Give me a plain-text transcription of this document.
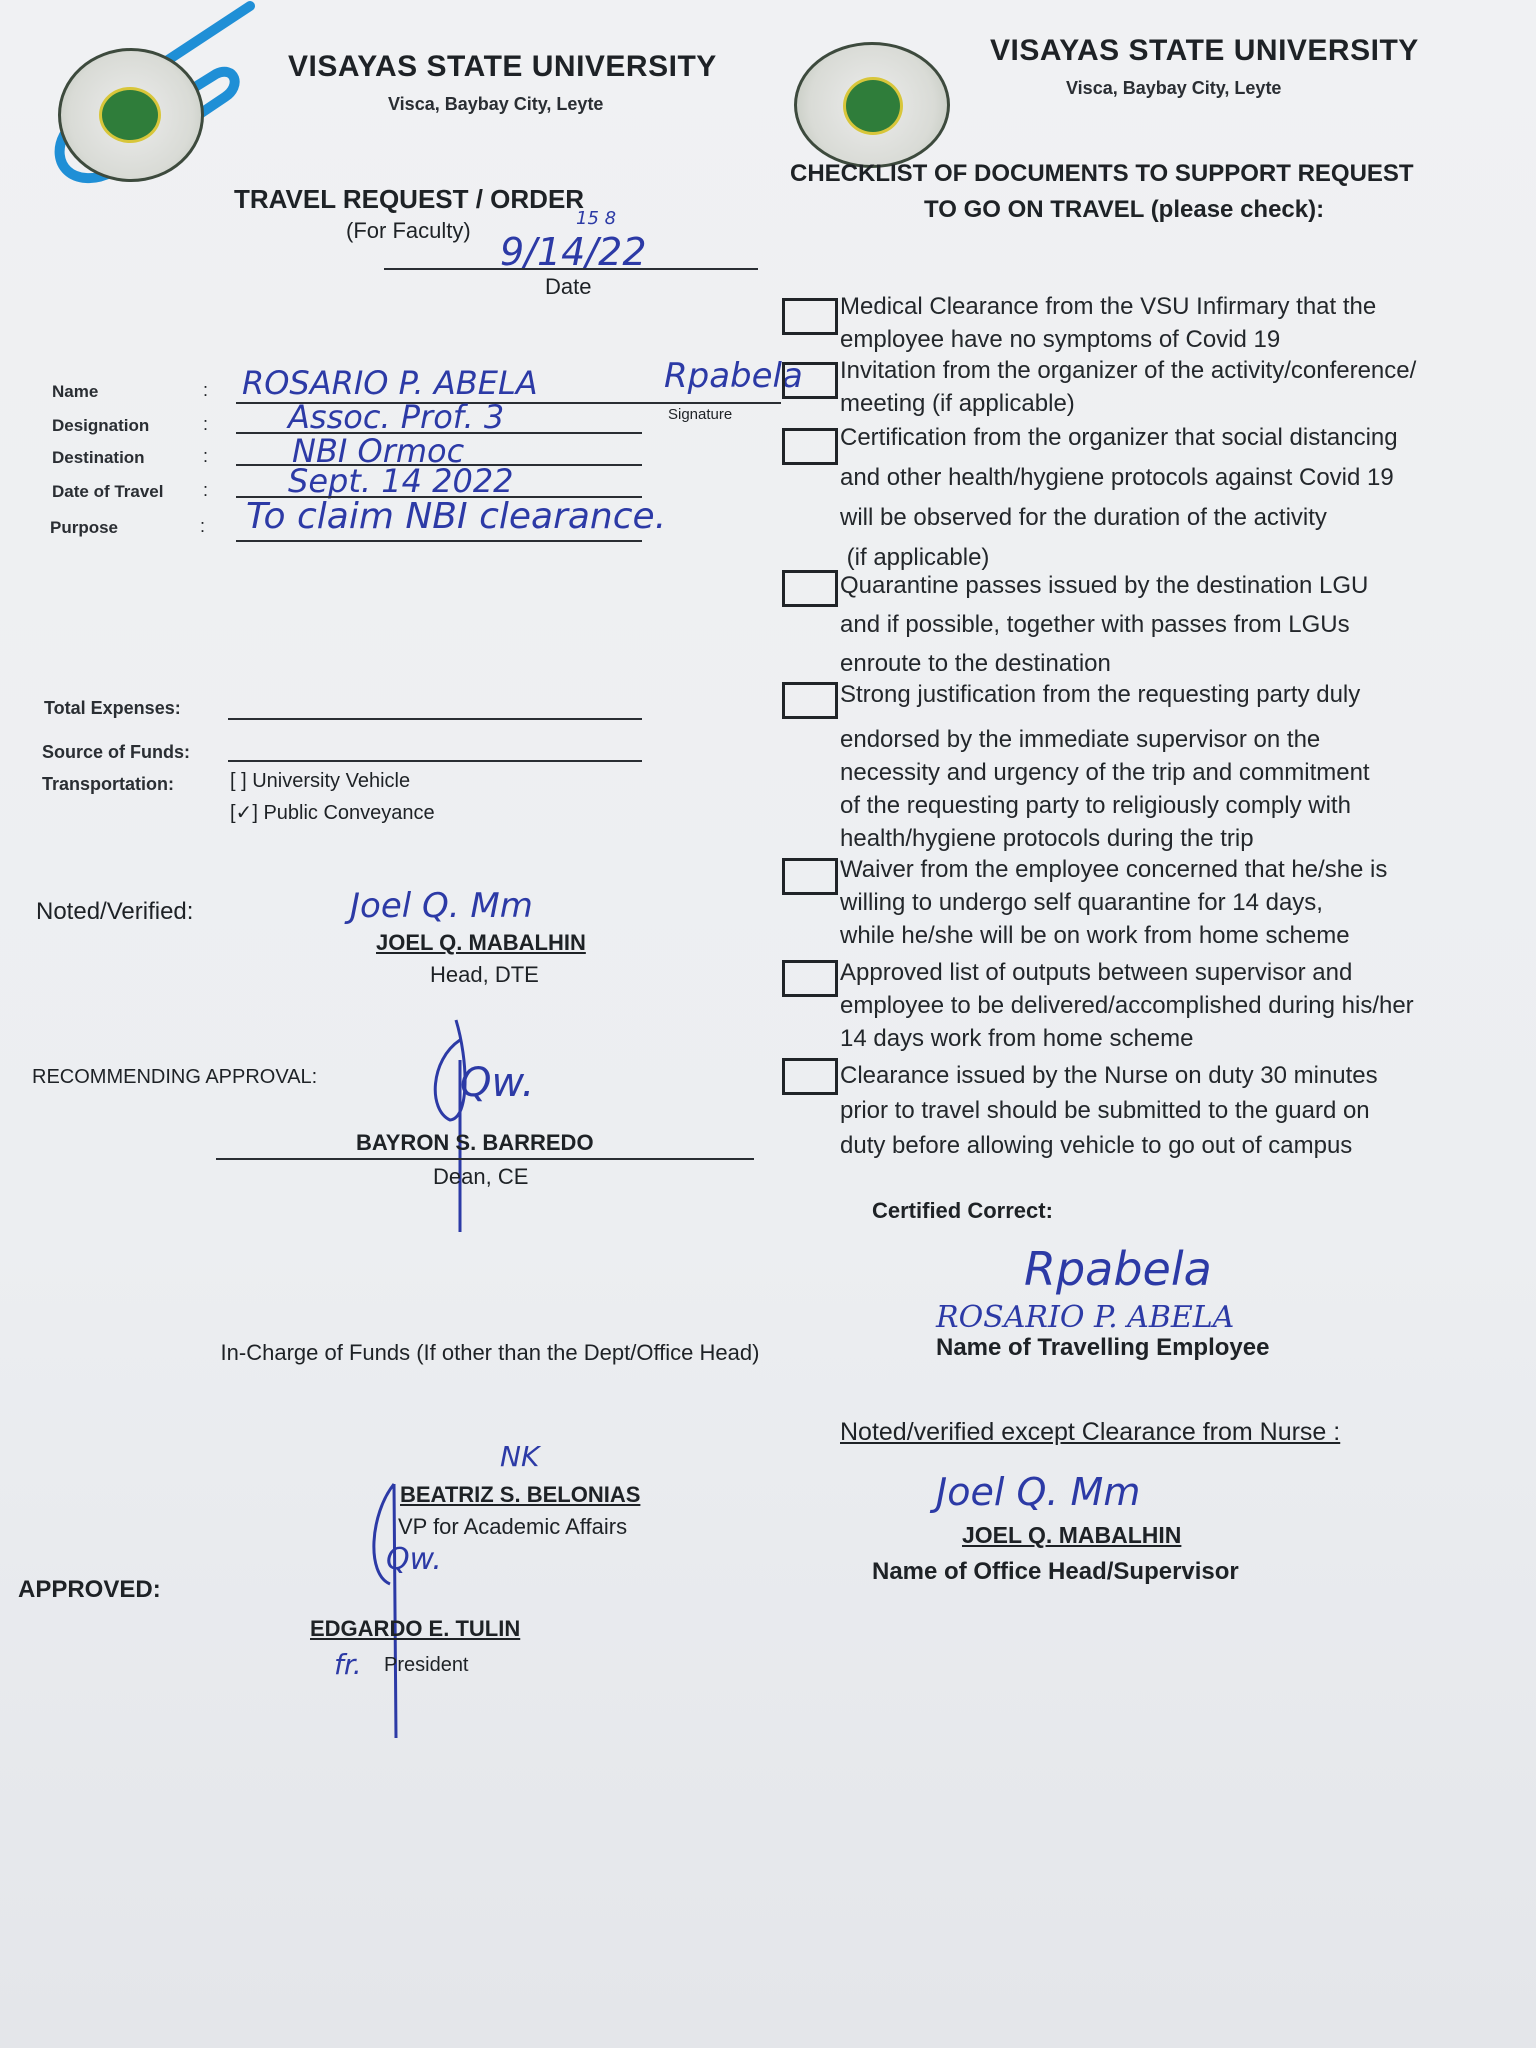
VISAYAS STATE UNIVERSITY
Visca, Baybay City, Leyte
TRAVEL REQUEST / ORDER
(For Faculty) 9/14/22
15 8
Date
Name	: ROSARIO P. ABELA	Rpabela
Signature
Designation	: Assoc. Prof. 3
Destination	:	NBI Ormoc
Date of Travel : Sept. 14 2022
Purpose	: To claim NBI clearance.
Total Expenses:
Source of Funds:
Transportation:	[ ] University Vehicle
[✓] Public Conveyance
Noted/Verified:	Joel Q. Mm
JOEL Q. MABALHIN
Head, DTE
RECOMMENDING APPROVAL:	Qw.
BAYRON S. BARREDO
Dean, CE
In-Charge of Funds (If other than the Dept/Office Head)
NK
BEATRIZ S. BELONIAS
VP for Academic Affairs
Qw.
APPROVED:
EDGARDO E. TULIN
fr. President
VISAYAS STATE UNIVERSITY
Visca, Baybay City, Leyte
CHECKLIST OF DOCUMENTS TO SUPPORT REQUEST
TO GO ON TRAVEL (please check):
Medical Clearance from the VSU Infirmary that the
employee have no symptoms of Covid 19
Invitation from the organizer of the activity/conference/
meeting (if applicable)
Certification from the organizer that social distancing
and other health/hygiene protocols against Covid 19
will be observed for the duration of the activity
(if applicable)
Quarantine passes issued by the destination LGU
and if possible, together with passes from LGUs
enroute to the destination
Strong justification from the requesting party duly
endorsed by the immediate supervisor on the
necessity and urgency of the trip and commitment
of the requesting party to religiously comply with
health/hygiene protocols during the trip
Waiver from the employee concerned that he/she is
willing to undergo self quarantine for 14 days,
while he/she will be on work from home scheme
Approved list of outputs between supervisor and
employee to be delivered/accomplished during his/her
14 days work from home scheme
Clearance issued by the Nurse on duty 30 minutes
prior to travel should be submitted to the guard on
duty before allowing vehicle to go out of campus
Certified Correct:
Rpabela
ROSARIO P. ABELA
Name of Travelling Employee
Noted/verified except Clearance from Nurse :
Joel Q. Mm
JOEL Q. MABALHIN
Name of Office Head/Supervisor
